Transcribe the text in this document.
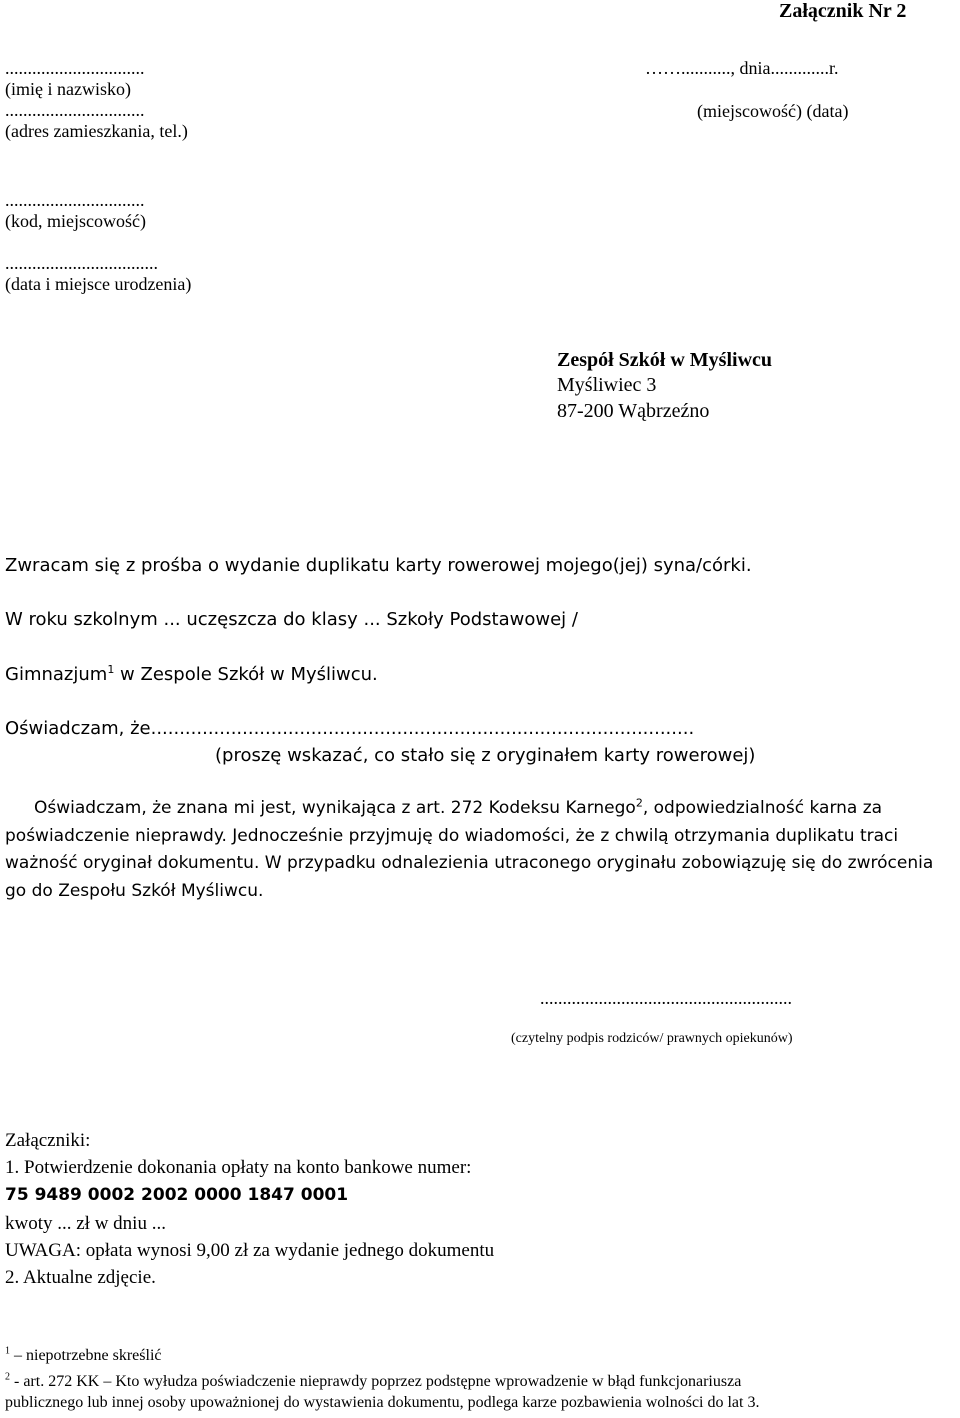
Załącznik Nr 2
...............................
(imię i nazwisko)
...............................
(adres zamieszkania, tel.)
...............................
(kod, miejscowość)
..................................
(data i miejsce urodzenia)
……..........., dnia.............r.
(miejscowość) (data)
Zespół Szkół w Myśliwcu
Myśliwiec 3
87-200 Wąbrzeźno
Zwracam się z prośba o wydanie duplikatu karty rowerowej mojego(jej) syna/córki.
W roku szkolnym ... uczęszcza do klasy ... Szkoły Podstawowej /
Gimnazjum$^1$ w Zespole Szkół w Myśliwcu.
Oświadczam, że...............................................................................................
(proszę wskazać, co stało się z oryginałem karty rowerowej)
Oświadczam, że znana mi jest, wynikająca z art. 272 Kodeksu Karnego$^2$, odpowiedzialność karna za poświadczenie nieprawdy. Jednocześnie przyjmuję do wiadomości, że z chwilą otrzymania duplikatu traci ważność oryginał dokumentu. W przypadku odnalezienia utraconego oryginału zobowiązuję się do zwrócenia go do Zespołu Szkół Myśliwcu.
........................................................
(czytelny podpis rodziców/ prawnych opiekunów)
Załączniki:
1. Potwierdzenie dokonania opłaty na konto bankowe numer:
75 9489 0002 2002 0000 1847 0001
kwoty ... zł w dniu ...
UWAGA: opłata wynosi 9,00 zł za wydanie jednego dokumentu
2. Aktualne zdjęcie.
$^1$ – niepotrzebne skreślić
$^2$ - art. 272 KK – Kto wyłudza poświadczenie nieprawdy poprzez podstępne wprowadzenie w błąd funkcjonariusza
publicznego lub innej osoby upoważnionej do wystawienia dokumentu, podlega karze pozbawienia wolności do lat 3.
